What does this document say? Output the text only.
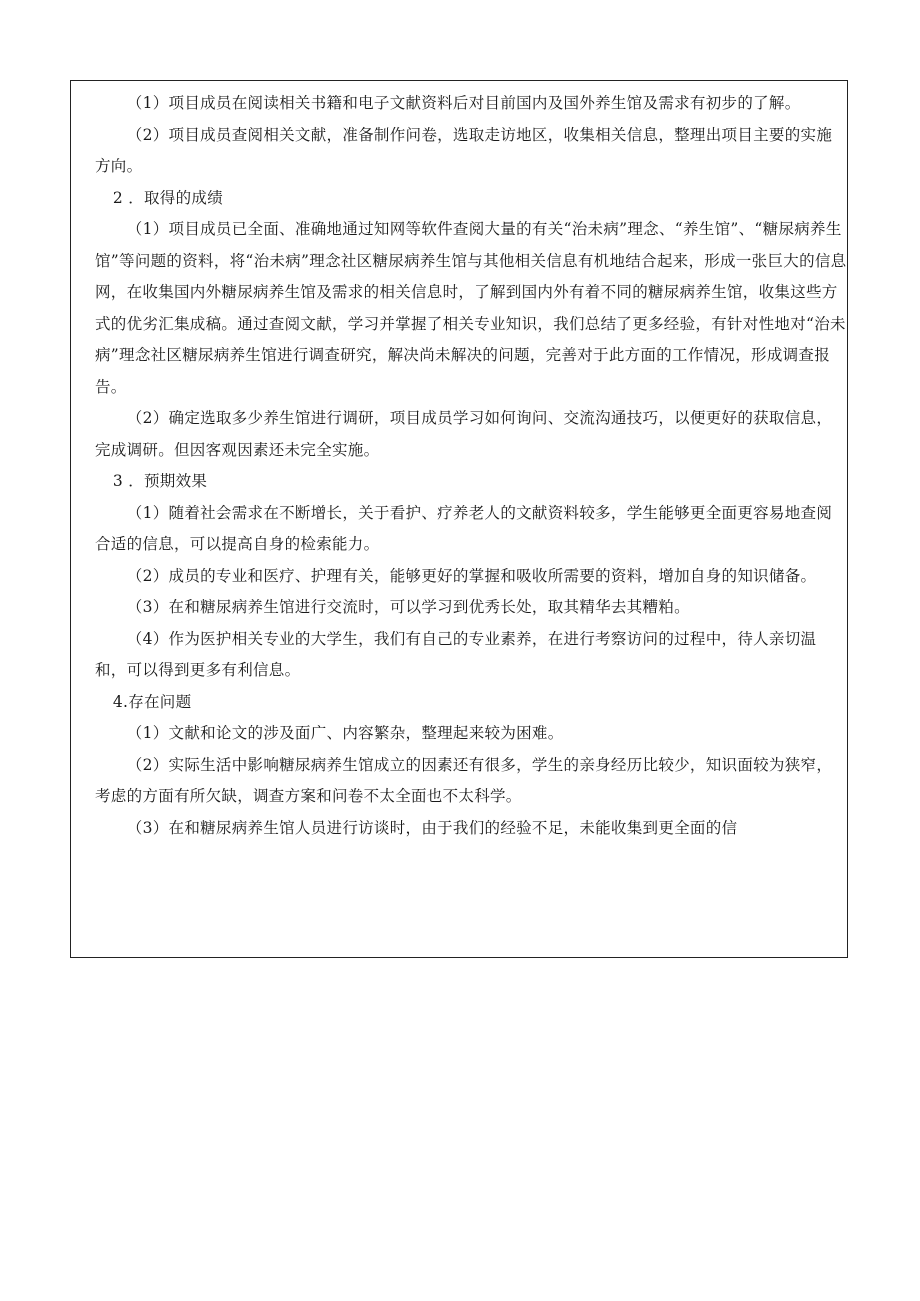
（1）项目成员在阅读相关书籍和电子文献资料后对目前国内及国外养生馆及需求有初步的了解。

（2）项目成员查阅相关文献，准备制作问卷，选取走访地区，收集相关信息，整理出项目主要的实施方向。

2 ．取得的成绩

（1）项目成员已全面、准确地通过知网等软件查阅大量的有关“治未病”理念、“养生馆”、“糖尿病养生馆”等问题的资料，将“治未病”理念社区糖尿病养生馆与其他相关信息有机地结合起来，形成一张巨大的信息网，在收集国内外糖尿病养生馆及需求的相关信息时，了解到国内外有着不同的糖尿病养生馆，收集这些方式的优劣汇集成稿。通过查阅文献，学习并掌握了相关专业知识，我们总结了更多经验，有针对性地对“治未病”理念社区糖尿病养生馆进行调查研究，解决尚未解决的问题，完善对于此方面的工作情况，形成调查报告。

（2）确定选取多少养生馆进行调研，项目成员学习如何询问、交流沟通技巧，以便更好的获取信息，完成调研。但因客观因素还未完全实施。

3 ．预期效果

（1）随着社会需求在不断增长，关于看护、疗养老人的文献资料较多，学生能够更全面更容易地查阅合适的信息，可以提高自身的检索能力。

（2）成员的专业和医疗、护理有关，能够更好的掌握和吸收所需要的资料，增加自身的知识储备。

（3）在和糖尿病养生馆进行交流时，可以学习到优秀长处，取其精华去其糟粕。

（4）作为医护相关专业的大学生，我们有自己的专业素养，在进行考察访问的过程中，待人亲切温和，可以得到更多有利信息。

4.存在问题

（1）文献和论文的涉及面广、内容繁杂，整理起来较为困难。

（2）实际生活中影响糖尿病养生馆成立的因素还有很多，学生的亲身经历比较少，知识面较为狭窄，考虑的方面有所欠缺，调查方案和问卷不太全面也不太科学。

（3）在和糖尿病养生馆人员进行访谈时，由于我们的经验不足，未能收集到更全面的信
